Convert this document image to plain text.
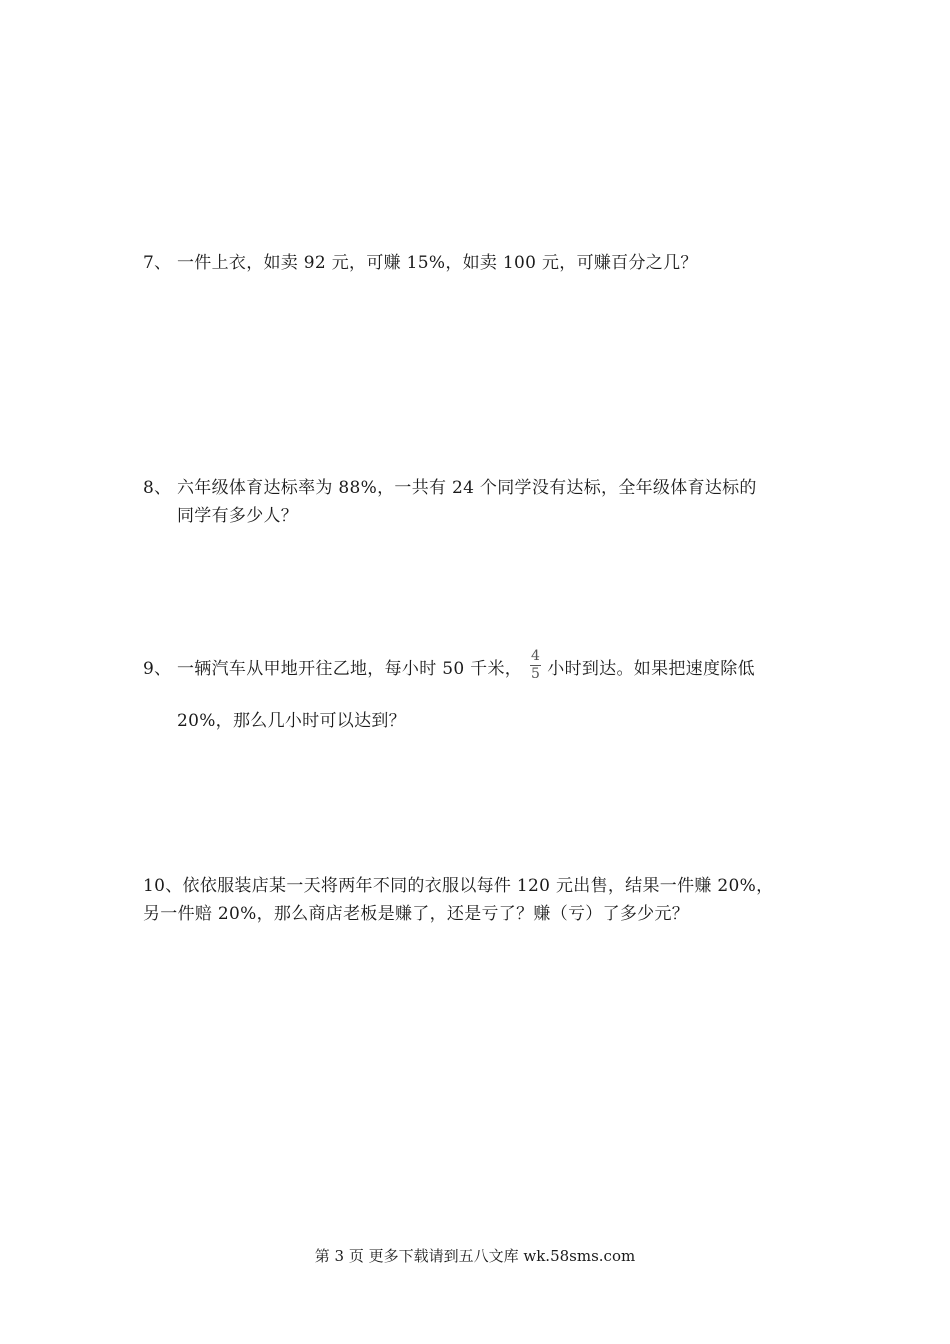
7、 一件上衣，如卖 92 元，可赚 15%，如卖 100 元，可赚百分之几？
8、 六年级体育达标率为 88%，一共有 24 个同学没有达标，全年级体育达标的
同学有多少人？
9、 一辆汽车从甲地开往乙地，每小时 50 千米， $\frac{4}{5}$ 小时到达。如果把速度除低
20%，那么几小时可以达到？
10、依依服装店某一天将两年不同的衣服以每件 120 元出售，结果一件赚 20%，
另一件赔 20%，那么商店老板是赚了，还是亏了？赚（亏）了多少元？
第 3 页 更多下载请到五八文库 wk.58sms.com
